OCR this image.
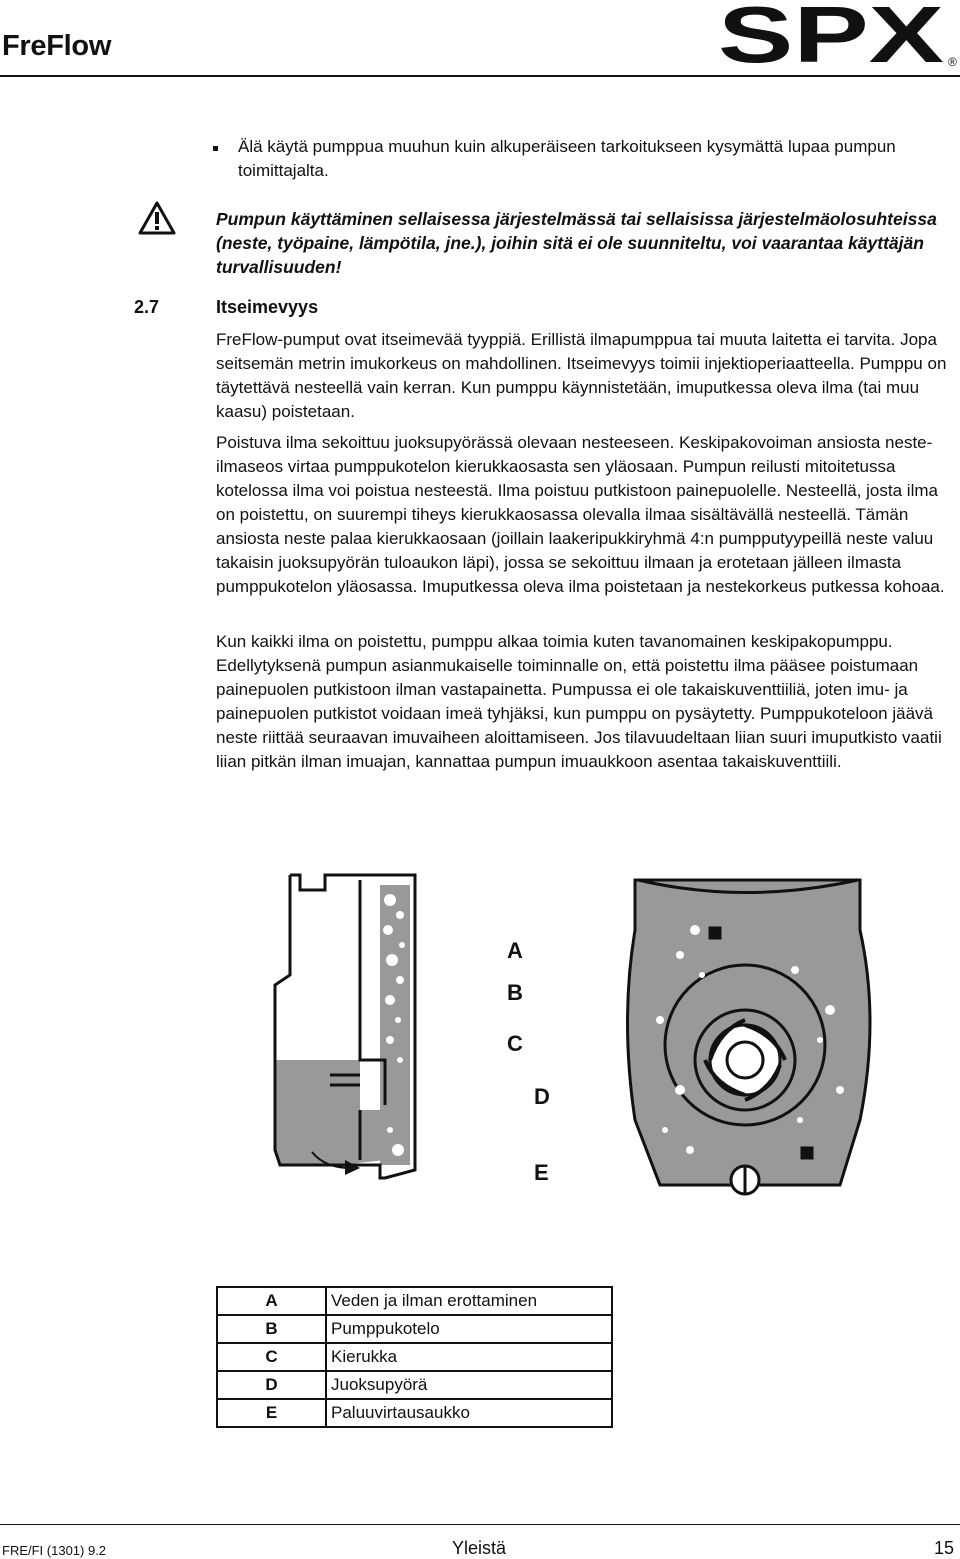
FreFlow	SPX ®
Älä käytä pumppua muuhun kuin alkuperäiseen tarkoitukseen kysymättä lupaa pumpun toimittajalta.
Pumpun käyttäminen sellaisessa järjestelmässä tai sellaisissa järjestelmäolosuhteissa (neste, työpaine, lämpötila, jne.), joihin sitä ei ole suunniteltu, voi vaarantaa käyttäjän turvallisuuden!
2.7	Itseimevyys

FreFlow-pumput ovat itseimevää tyyppiä. Erillistä ilmapumppua tai muuta laitetta ei tarvita. Jopa seitsemän metrin imukorkeus on mahdollinen. Itseimevyys toimii injektioperiaatteella. Pumppu on täytettävä nesteellä vain kerran. Kun pumppu käynnistetään, imuputkessa oleva ilma (tai muu kaasu) poistetaan.

Poistuva ilma sekoittuu juoksupyörässä olevaan nesteeseen. Keskipakovoiman ansiosta neste-ilmaseos virtaa pumppukotelon kierukkaosasta sen yläosaan. Pumpun reilusti mitoitetussa kotelossa ilma voi poistua nesteestä. Ilma poistuu putkistoon painepuolelle. Nesteellä, josta ilma on poistettu, on suurempi tiheys kierukkaosassa olevalla ilmaa sisältävällä nesteellä. Tämän ansiosta neste palaa kierukkaosaan (joillain laakeripukkiryhmä 4:n pumpputyypeillä neste valuu takaisin juoksupyörän tuloaukon läpi), jossa se sekoittuu ilmaan ja erotetaan jälleen ilmasta pumppukotelon yläosassa. Imuputkessa oleva ilma poistetaan ja nestekorkeus putkessa kohoaa.

Kun kaikki ilma on poistettu, pumppu alkaa toimia kuten tavanomainen keskipakopumppu. Edellytyksenä pumpun asianmukaiselle toiminnalle on, että poistettu ilma pääsee poistumaan painepuolen putkistoon ilman vastapainetta. Pumpussa ei ole takaiskuventtiiliä, joten imu- ja painepuolen putkistot voidaan imeä tyhjäksi, kun pumppu on pysäytetty. Pumppukoteloon jäävä neste riittää seuraavan imuvaiheen aloittamiseen. Jos tilavuudeltaan liian suuri imuputkisto vaatii liian pitkän ilman imuajan, kannattaa pumpun imuaukkoon asentaa takaiskuventtiili.

A
B
C
D
E
A	Veden ja ilman erottaminen
B	Pumppukotelo
C	Kierukka
D	Juoksupyörä
E	Paluuvirtausaukko
FRE/FI (1301) 9.2	Yleistä	15
